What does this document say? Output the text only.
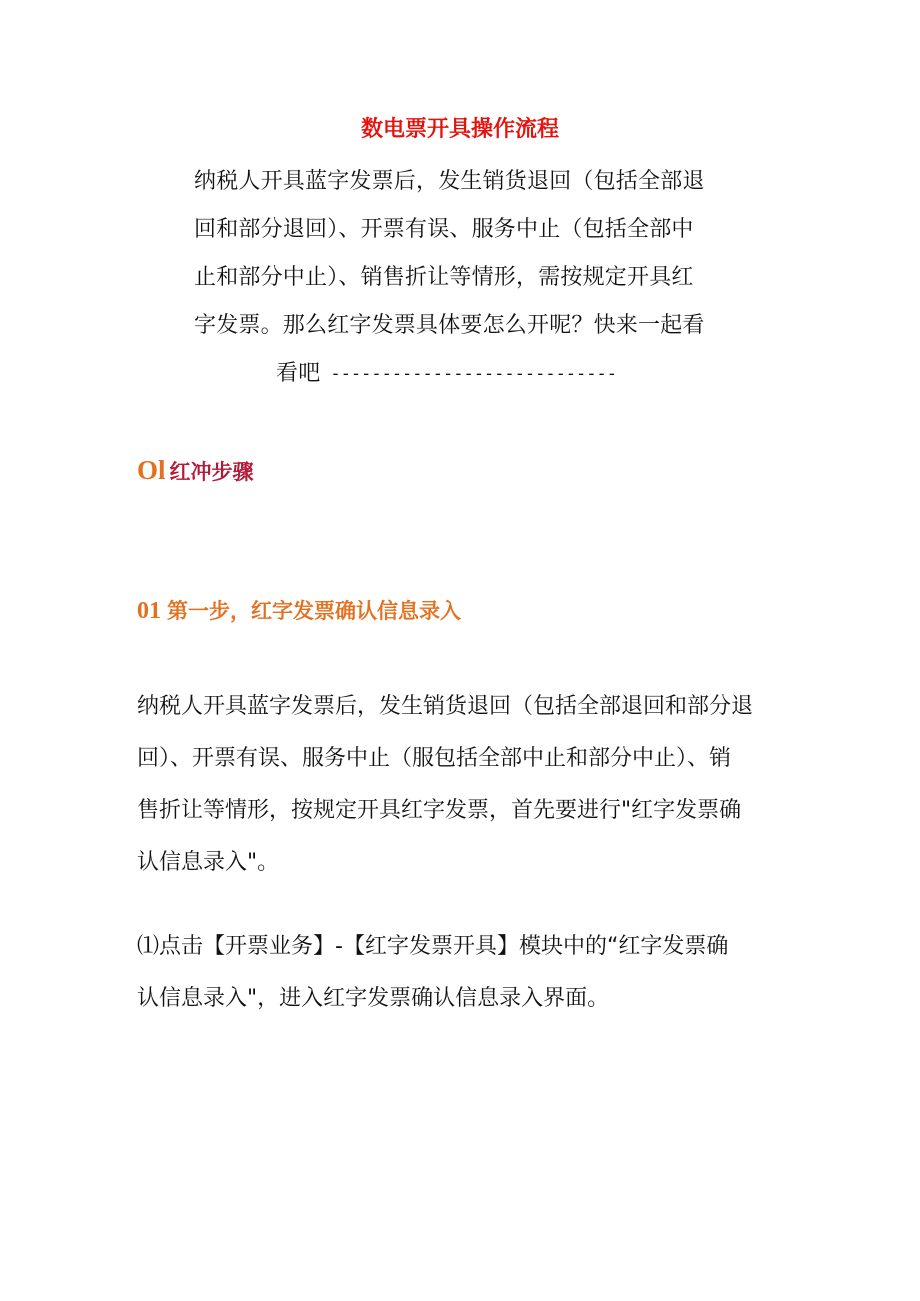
数电票开具操作流程
纳税人开具蓝字发票后，发生销货退回（包括全部退
回和部分退回）、开票有误、服务中止（包括全部中
止和部分中止）、销售折让等情形，需按规定开具红
字发票。那么红字发票具体要怎么开呢？快来一起看
看吧 ----------------------------
Ol 红冲步骤
01 第一步，红字发票确认信息录入
纳税人开具蓝字发票后，发生销货退回（包括全部退回和部分退
回）、开票有误、服务中止（服包括全部中止和部分中止）、销
售折让等情形，按规定开具红字发票，首先要进行"红字发票确
认信息录入"。
⑴点击【开票业务】-【红字发票开具】模块中的“红字发票确
认信息录入"，进入红字发票确认信息录入界面。
